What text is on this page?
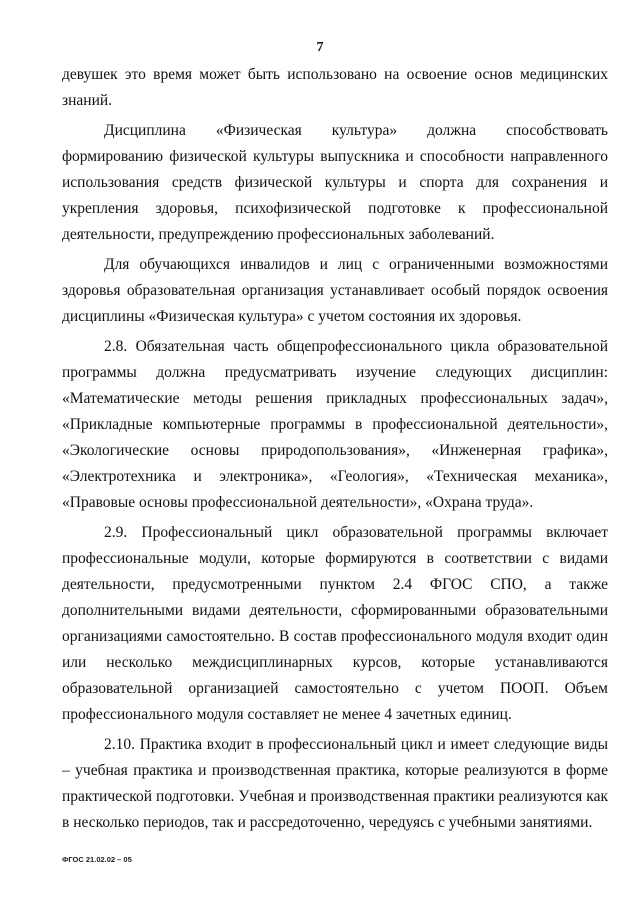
7

девушек это время может быть использовано на освоение основ медицинских знаний.

Дисциплина «Физическая культура» должна способствовать формированию физической культуры выпускника и способности направленного использования средств физической культуры и спорта для сохранения и укрепления здоровья, психофизической подготовке к профессиональной деятельности, предупреждению профессиональных заболеваний.

Для обучающихся инвалидов и лиц с ограниченными возможностями здоровья образовательная организация устанавливает особый порядок освоения дисциплины «Физическая культура» с учетом состояния их здоровья.

2.8. Обязательная часть общепрофессионального цикла образовательной программы должна предусматривать изучение следующих дисциплин: «Математические методы решения прикладных профессиональных задач», «Прикладные компьютерные программы в профессиональной деятельности», «Экологические основы природопользования», «Инженерная графика», «Электротехника и электроника», «Геология», «Техническая механика», «Правовые основы профессиональной деятельности», «Охрана труда».

2.9. Профессиональный цикл образовательной программы включает профессиональные модули, которые формируются в соответствии с видами деятельности, предусмотренными пунктом 2.4 ФГОС СПО, а также дополнительными видами деятельности, сформированными образовательными организациями самостоятельно. В состав профессионального модуля входит один или несколько междисциплинарных курсов, которые устанавливаются образовательной организацией самостоятельно с учетом ПООП. Объем профессионального модуля составляет не менее 4 зачетных единиц.

2.10. Практика входит в профессиональный цикл и имеет следующие виды – учебная практика и производственная практика, которые реализуются в форме практической подготовки. Учебная и производственная практики реализуются как в несколько периодов, так и рассредоточенно, чередуясь с учебными занятиями.

ФГОС 21.02.02 – 05
